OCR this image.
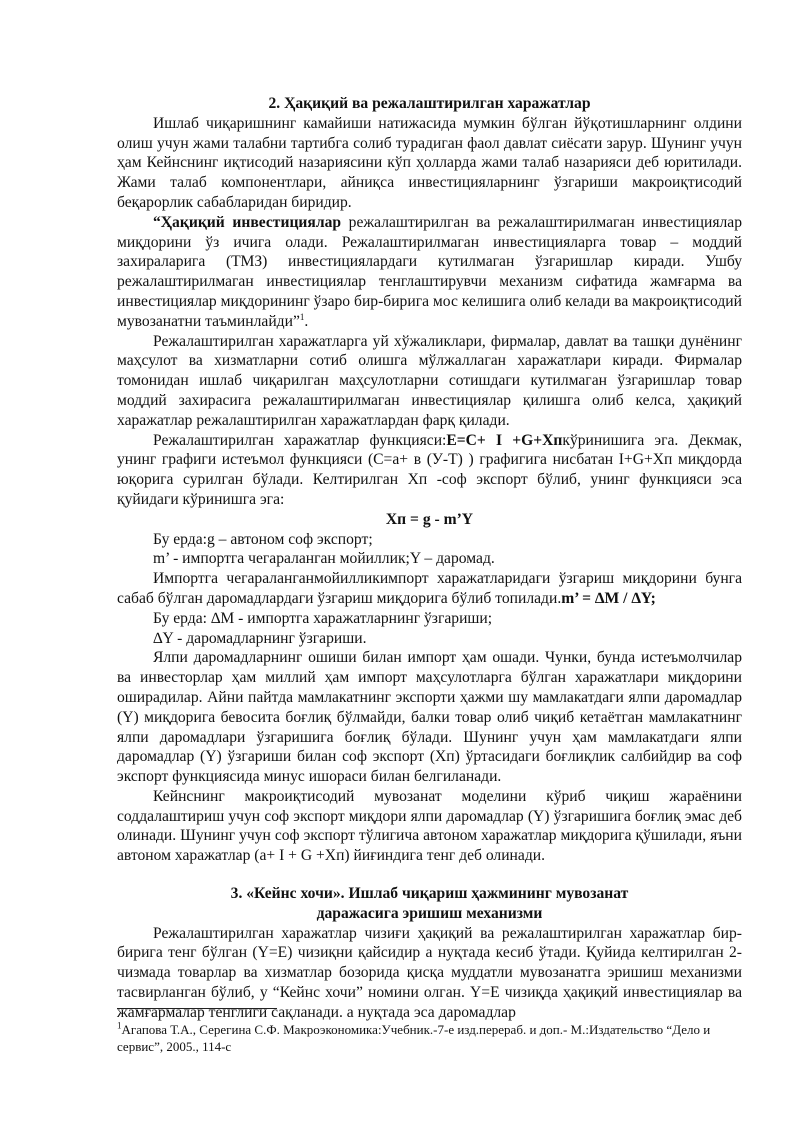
2. Ҳақиқий ва режалаштирилган харажатлар

Ишлаб чиқаришнинг камайиши натижасида мумкин бўлган йўқотишларнинг олдини олиш учун жами талабни тартибга солиб турадиган фаол давлат сиёсати зарур. Шунинг учун ҳам Кейнснинг иқтисодий назариясини кўп ҳолларда жами талаб назарияси деб юритилади. Жами талаб компонентлари, айниқса инвестицияларнинг ўзгариши макроиқтисодий беқарорлик сабабларидан биридир.

“Ҳақиқий инвестициялар режалаштирилган ва режалаштирилмаган инвестициялар миқдорини ўз ичига олади. Режалаштирилмаган инвестицияларга товар – моддий захираларига (ТМЗ) инвестициялардаги кутилмаган ўзгаришлар киради. Ушбу режалаштирилмаган инвестициялар тенглаштирувчи механизм сифатида жамғарма ва инвестициялар миқдорининг ўзаро бир-бирига мос келишига олиб келади ва макроиқтисодий мувозанатни таъминлайди”$^1$.

Режалаштирилган харажатларга уй хўжаликлари, фирмалар, давлат ва ташқи дунёнинг маҳсулот ва хизматларни сотиб олишга мўлжаллаган харажатлари киради. Фирмалар томонидан ишлаб чиқарилган маҳсулотларни сотишдаги кутилмаган ўзгаришлар товар моддий захирасига режалаштирилмаган инвестициялар қилишга олиб келса, ҳақиқий харажатлар режалаштирилган харажатлардан фарқ қилади.

Режалаштирилган харажатлар функцияси:Е=С+ I +G+Хпкўринишига эга. Декмак, унинг графиги истеъмол функцияси (С=а+ в (У-Т) ) графигига нисбатан I+G+Хп миқдорда юқорига сурилган бўлади. Келтирилган Хп -соф экспорт бўлиб, унинг функцияси эса қуйидаги кўринишга эга:

Хп = g - m’Y

Бу ерда:g – автоном соф экспорт;

m’ - импортга чегараланган мойиллик;Y – даромад.

Импортга чегараланганмойилликимпорт харажатларидаги ўзгариш миқдорини бунга сабаб бўлган даромадлардаги ўзгариш миқдорига бўлиб топилади.m’ = ∆M / ∆Y;

Бу ерда: ∆M - импортга харажатларнинг ўзгариши;

∆Y - даромадларнинг ўзгариши.

Ялпи даромадларнинг ошиши билан импорт ҳам ошади. Чунки, бунда истеъмолчилар ва инвесторлар ҳам миллий ҳам импорт маҳсулотларга бўлган харажатлари миқдорини оширадилар. Айни пайтда мамлакатнинг экспорти ҳажми шу мамлакатдаги ялпи даромадлар (Y) миқдорига бевосита боғлиқ бўлмайди, балки товар олиб чиқиб кетаётган мамлакатнинг ялпи даромадлари ўзгаришига боғлиқ бўлади. Шунинг учун ҳам мамлакатдаги ялпи даромадлар (Y) ўзгариши билан соф экспорт (Хп) ўртасидаги боғлиқлик салбийдир ва соф экспорт функциясида минус ишораси билан белгиланади.

Кейнснинг макроиқтисодий мувозанат моделини кўриб чиқиш жараёнини соддалаштириш учун соф экспорт миқдори ялпи даромадлар (Y) ўзгаришига боғлиқ эмас деб олинади. Шунинг учун соф экспорт тўлигича автоном харажатлар миқдорига қўшилади, яъни автоном харажатлар (а+ I + G +Хп) йиғиндига тенг деб олинади.

3. «Кейнс хочи». Ишлаб чиқариш ҳажмининг мувозанат

даражасига эришиш механизми

Режалаштирилган харажатлар чизиғи ҳақиқий ва режалаштирилган харажатлар бир-бирига тенг бўлган (Y=E) чизиқни қайсидир а нуқтада кесиб ўтади. Қуйида келтирилган 2-чизмада товарлар ва хизматлар бозорида қисқа муддатли мувозанатга эришиш механизми тасвирланган бўлиб, у “Кейнс хочи” номини олган. Y=E чизиқда ҳақиқий инвестициялар ва жамғармалар тенглиги сақланади. а нуқтада эса даромадлар

$^1$Агапова Т.А., Серегина С.Ф. Макроэкономика:Учебник.-7-е изд.перераб. и доп.- М.:Издательство “Дело и сервис”, 2005., 114-с
